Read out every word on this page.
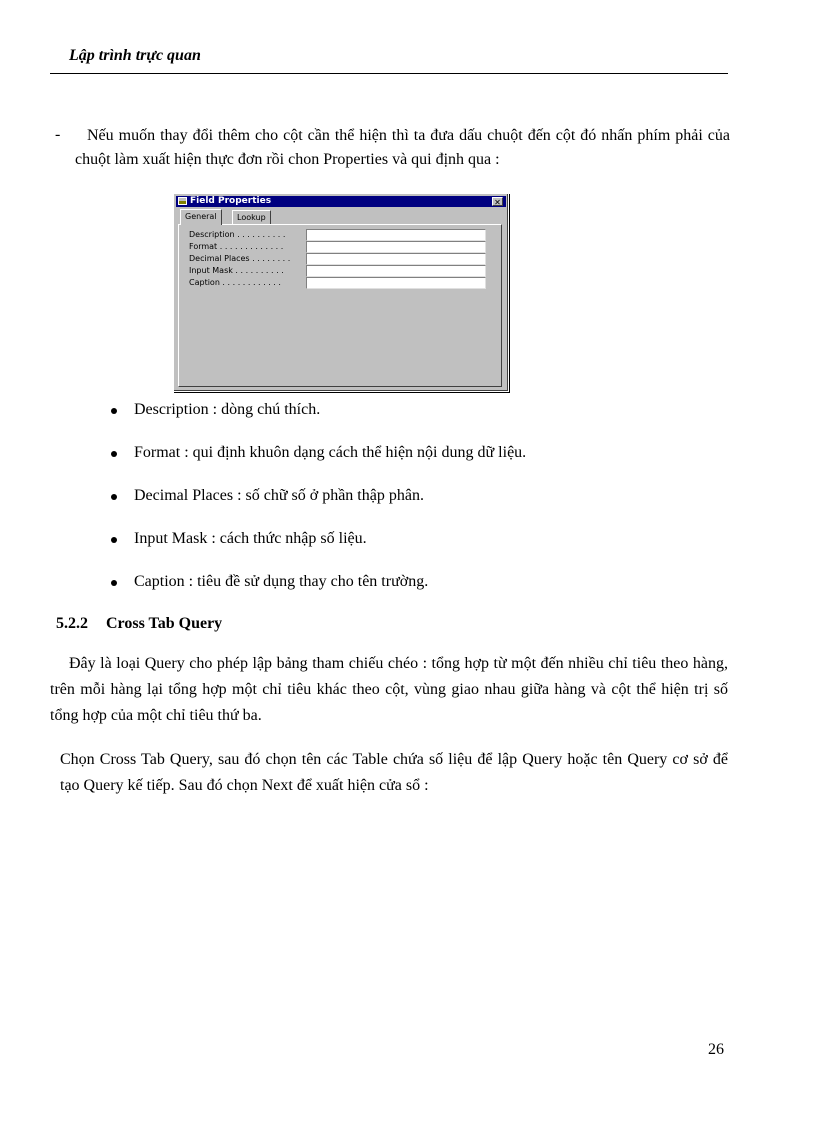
Lập trình trực quan
-	Nếu muốn thay đổi thêm cho cột cần thể hiện thì ta đưa dấu chuột đến cột đó nhấn phím phải của chuột làm xuất hiện thực đơn rồi chon Properties và qui định qua :
Field Properties	✕
General	Lookup
Description . . . . . . . . . .
Format . . . . . . . . . . . . .
Decimal Places . . . . . . . .
Input Mask . . . . . . . . . .
Caption . . . . . . . . . . . .
Description : dòng chú thích.
Format : qui định khuôn dạng cách thể hiện nội dung dữ liệu.
Decimal Places : số chữ số ở phần thập phân.
Input Mask : cách thức nhập số liệu.
Caption : tiêu đề sử dụng thay cho tên trường.
5.2.2 Cross Tab Query
Đây là loại Query cho phép lập bảng tham chiếu chéo : tổng hợp từ một đến nhiều chỉ tiêu theo hàng, trên mỗi hàng lại tổng hợp một chỉ tiêu khác theo cột, vùng giao nhau giữa hàng và cột thể hiện trị số tổng hợp của một chỉ tiêu thứ ba.
Chọn Cross Tab Query, sau đó chọn tên các Table chứa số liệu để lập Query hoặc tên Query cơ sở để tạo Query kế tiếp. Sau đó chọn Next để xuất hiện cửa sổ :
26
